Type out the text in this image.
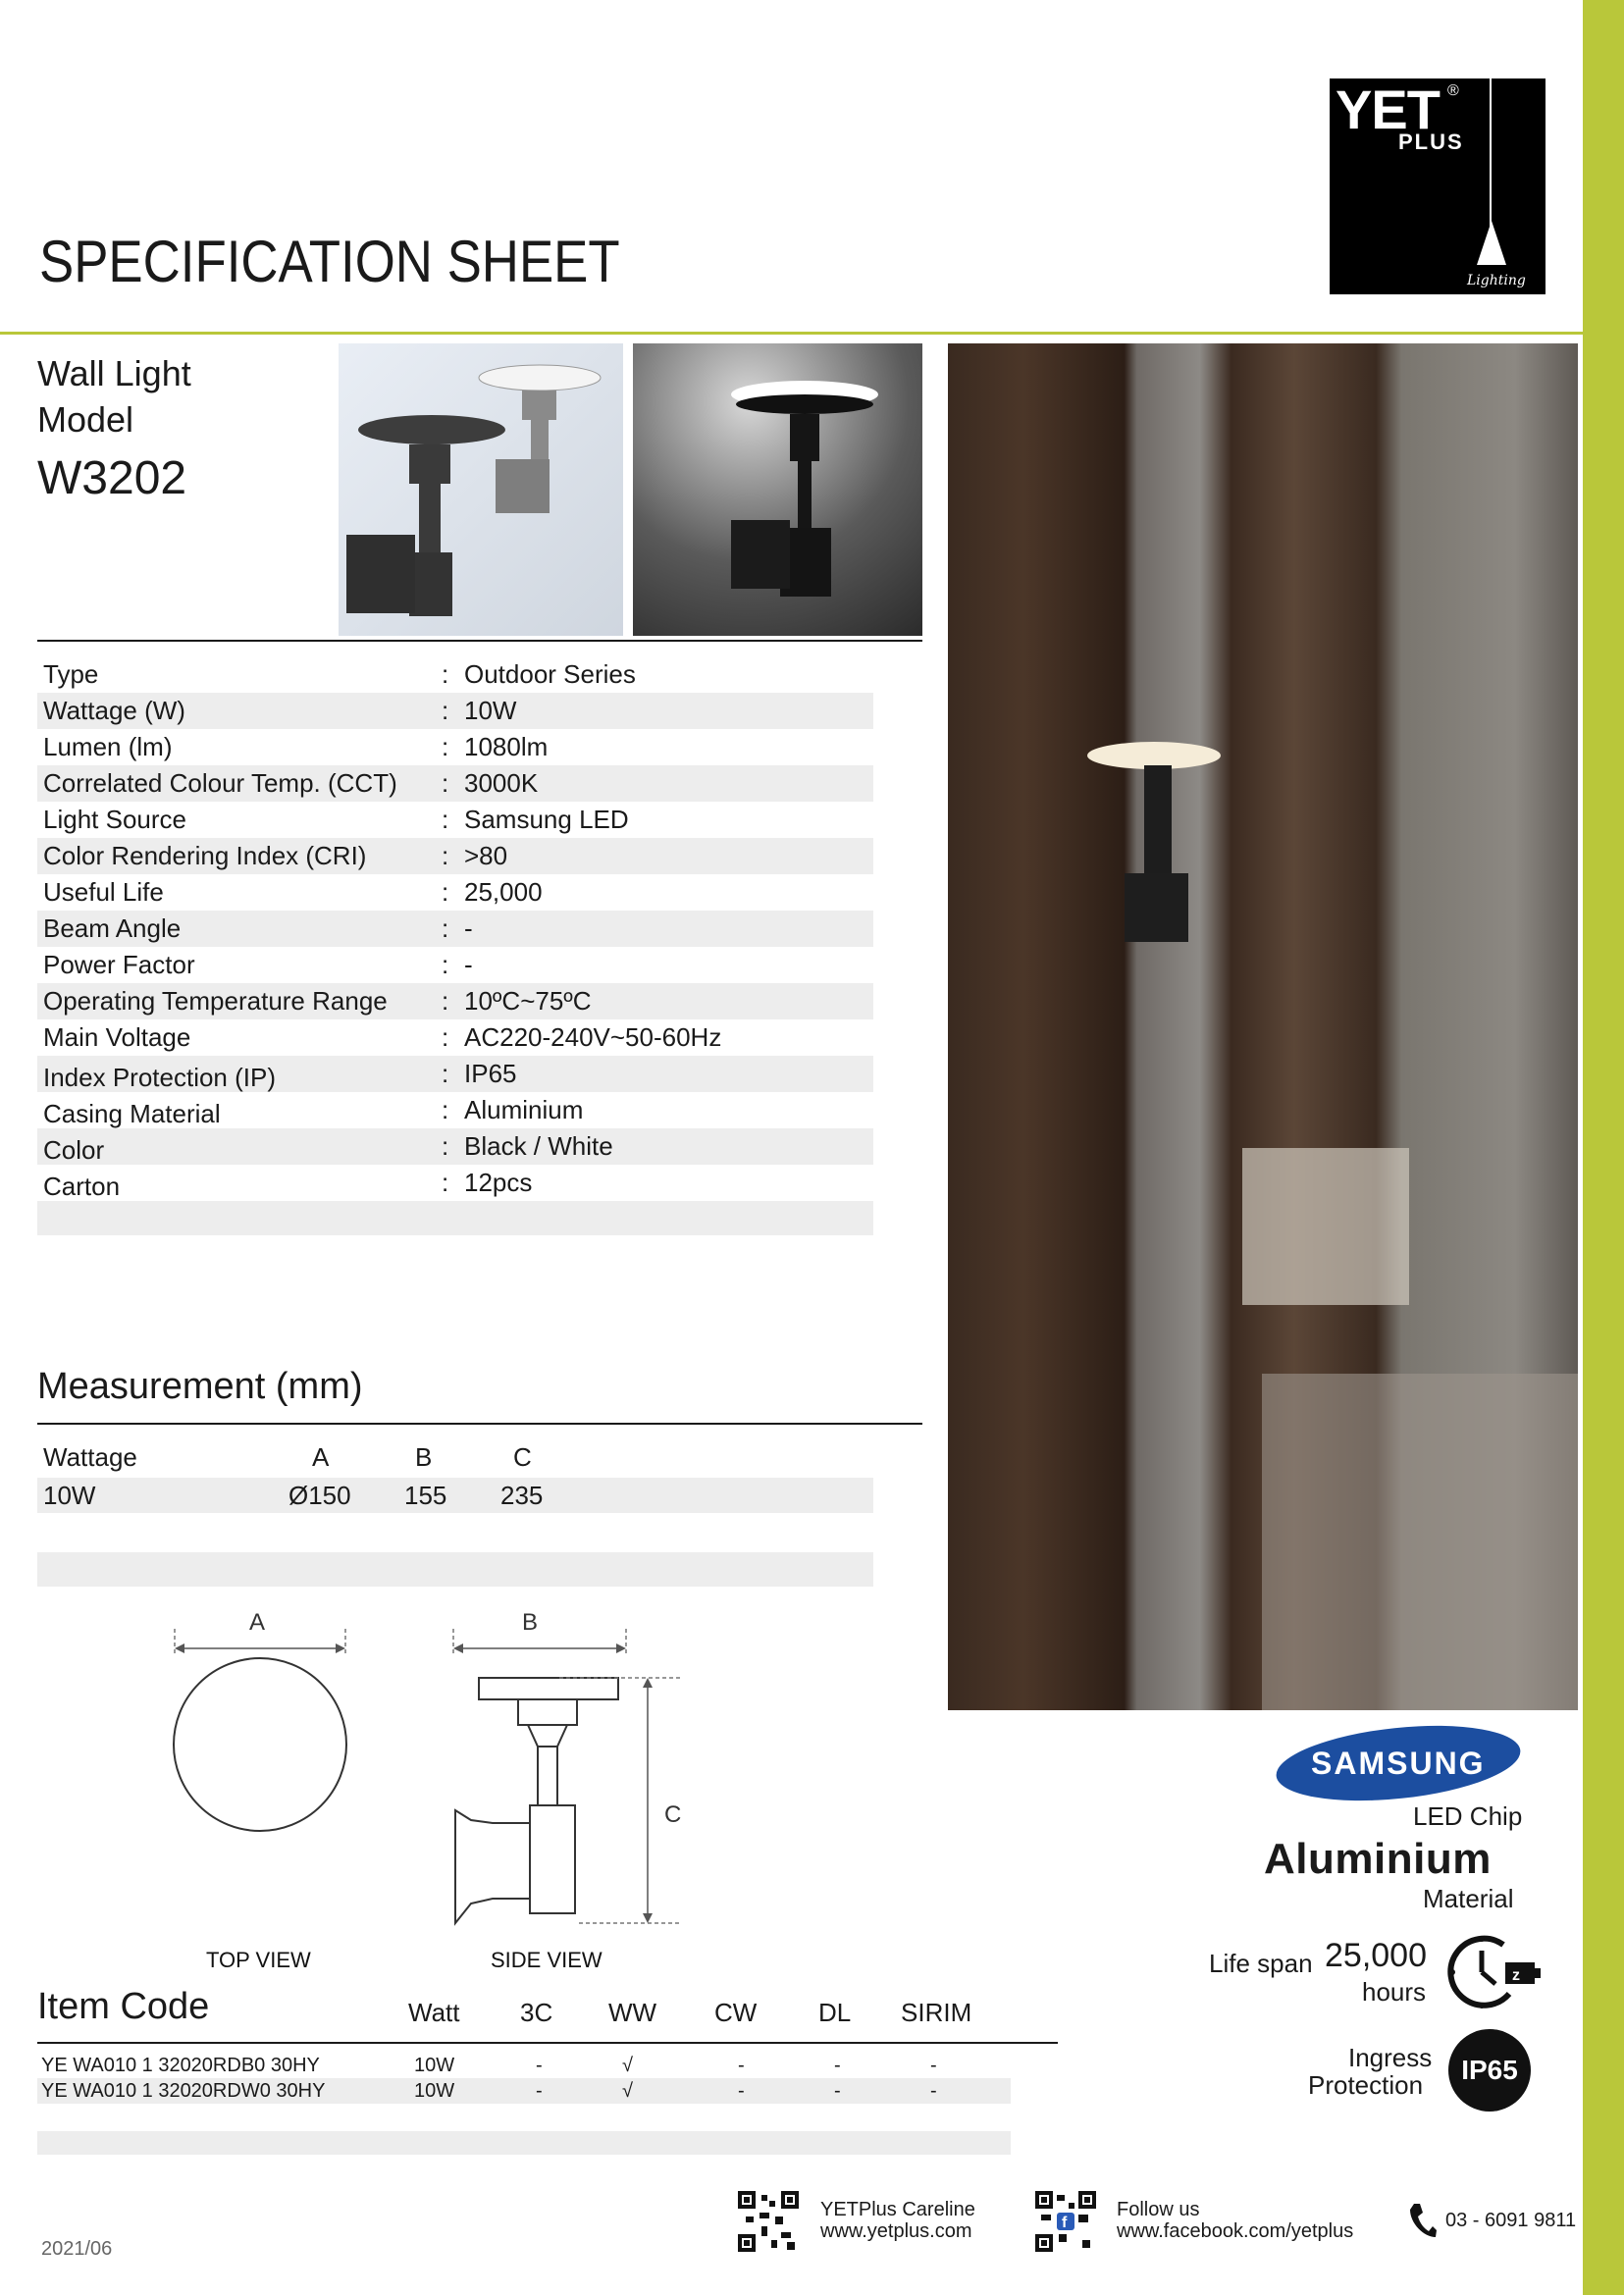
YET ®
PLUS
Lighting
SPECIFICATION SHEET
Wall Light
Model
W3202
Type	: Outdoor Series
Wattage (W)	: 10W
Lumen (lm)	: 1080lm
Correlated Colour Temp. (CCT) : 3000K
Light Source	: Samsung LED
Color Rendering Index (CRI)	: >80
Useful Life	: 25,000
Beam Angle	: -
Power Factor	: -
Operating Temperature Range : 10ºC~75ºC
Main Voltage	: AC220-240V~50-60Hz
Index Protection (IP)	: IP65
Casing Material	: Aluminium
Color	: Black / White
Carton	: 12pcs
Measurement (mm)
Wattage	A	B	C
10W	Ø150 155 235
A	B
C
TOP VIEW	SIDE VIEW
Item Code	Watt 3C WW CW DL SIRIM
YE WA010 1 32020RDB0 30HY	10W	-	√	-	-	-
YE WA010 1 32020RDW0 30HY	10W	-	√	-	-	-
SAMSUNG
LED Chip
Aluminium
Material
Life span 25,000
hours
z
Ingress
Protection	IP65
YETPlus Careline
www.yetplus.com	f
Follow us
www.facebook.com/yetplus	03 - 6091 9811
2021/06
